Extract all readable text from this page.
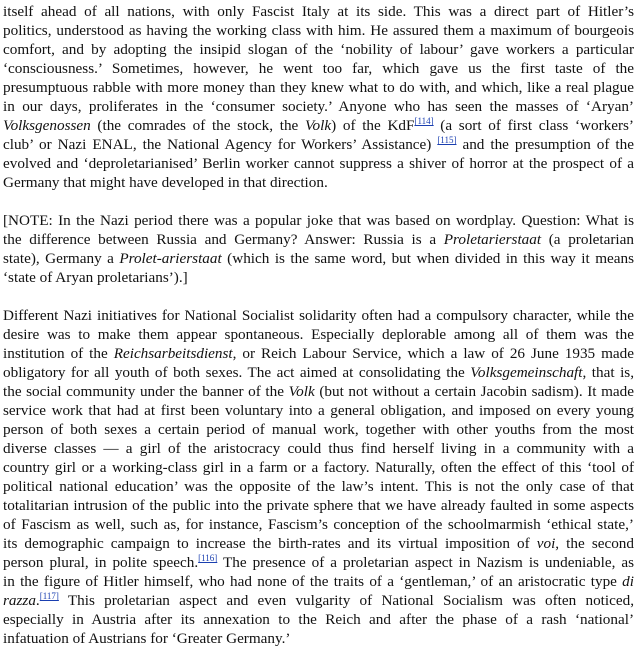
itself ahead of all nations, with only Fascist Italy at its side. This was a direct part of Hitler’s
politics, understood as having the working class with him. He assured them a maximum of bourgeois
comfort, and by adopting the insipid slogan of the ‘nobility of labour’ gave workers a particular
‘consciousness.’ Sometimes, however, he went too far, which gave us the first taste of the
presumptuous rabble with more money than they knew what to do with, and which, like a real plague
in our days, proliferates in the ‘consumer society.’ Anyone who has seen the masses of ‘Aryan’
Volksgenossen (the comrades of the stock, the Volk) of the KdF[114] (a sort of first class ‘workers’
club’ or Nazi ENAL, the National Agency for Workers’ Assistance) [115] and the presumption of the
evolved and ‘deproletarianised’ Berlin worker cannot suppress a shiver of horror at the prospect of a
Germany that might have developed in that direction.
[NOTE: In the Nazi period there was a popular joke that was based on wordplay. Question: What is
the difference between Russia and Germany? Answer: Russia is a Proletarierstaat (a proletarian
state), Germany a Prolet-arierstaat (which is the same word, but when divided in this way it means
‘state of Aryan proletarians’).]
Different Nazi initiatives for National Socialist solidarity often had a compulsory character, while the
desire was to make them appear spontaneous. Especially deplorable among all of them was the
institution of the Reichsarbeitsdienst, or Reich Labour Service, which a law of 26 June 1935 made
obligatory for all youth of both sexes. The act aimed at consolidating the Volksgemeinschaft, that is,
the social community under the banner of the Volk (but not without a certain Jacobin sadism). It made
service work that had at first been voluntary into a general obligation, and imposed on every young
person of both sexes a certain period of manual work, together with other youths from the most
diverse classes — a girl of the aristocracy could thus find herself living in a community with a
country girl or a working-class girl in a farm or a factory. Naturally, often the effect of this ‘tool of
political national education’ was the opposite of the law’s intent. This is not the only case of that
totalitarian intrusion of the public into the private sphere that we have already faulted in some aspects
of Fascism as well, such as, for instance, Fascism’s conception of the schoolmarmish ‘ethical state,’
its demographic campaign to increase the birth-rates and its virtual imposition of voi, the second
person plural, in polite speech.[116] The presence of a proletarian aspect in Nazism is undeniable, as
in the figure of Hitler himself, who had none of the traits of a ‘gentleman,’ of an aristocratic type di
razza.[117] This proletarian aspect and even vulgarity of National Socialism was often noticed,
especially in Austria after its annexation to the Reich and after the phase of a rash ‘national’
infatuation of Austrians for ‘Greater Germany.’
